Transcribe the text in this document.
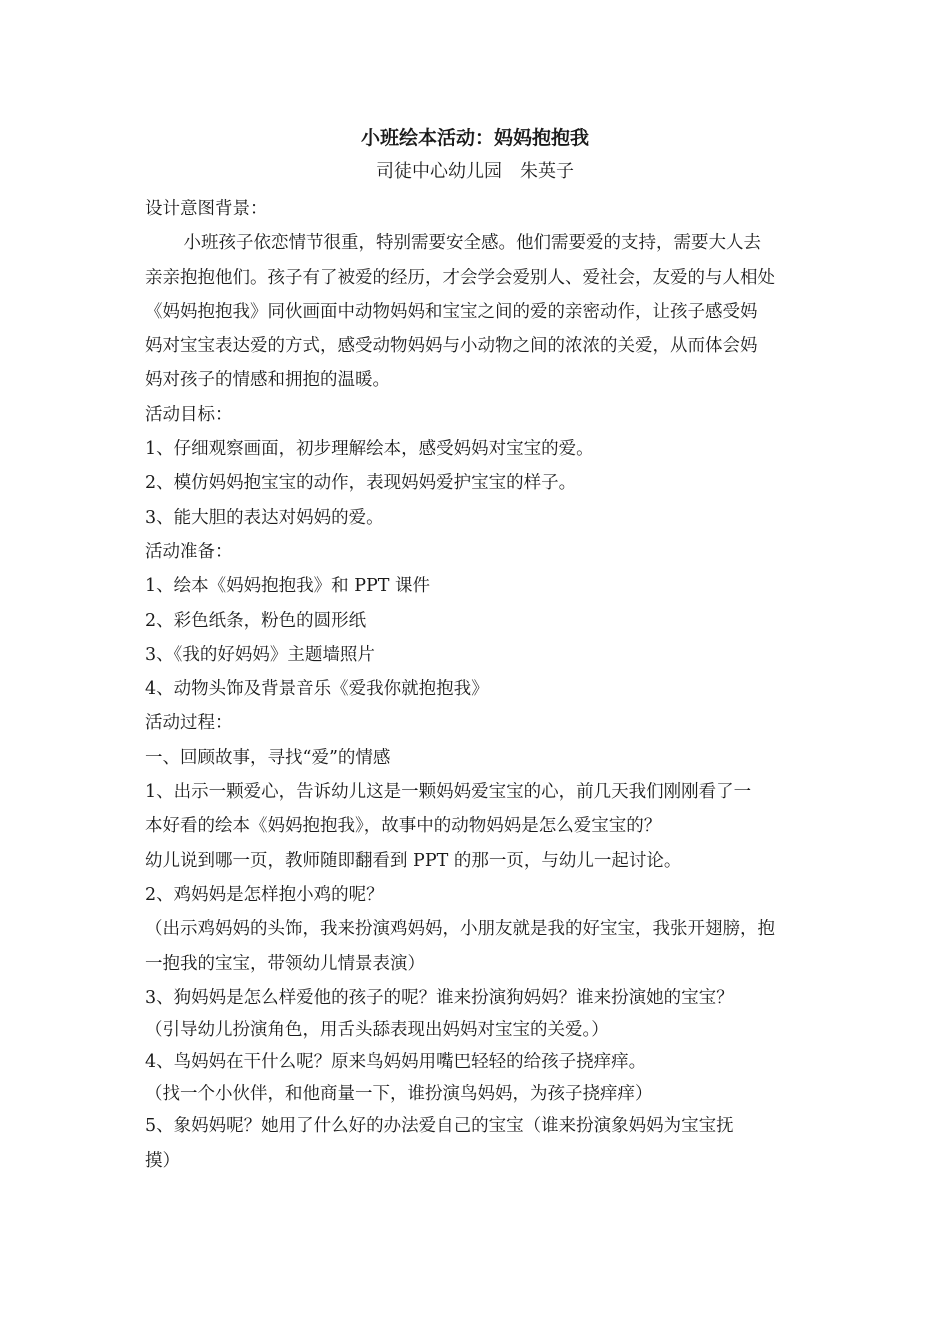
小班绘本活动：妈妈抱抱我
司徒中心幼儿园　朱英子

设计意图背景：

小班孩子依恋情节很重，特别需要安全感。他们需要爱的支持，需要大人去

亲亲抱抱他们。孩子有了被爱的经历，才会学会爱别人、爱社会，友爱的与人相处

《妈妈抱抱我》同伙画面中动物妈妈和宝宝之间的爱的亲密动作，让孩子感受妈

妈对宝宝表达爱的方式，感受动物妈妈与小动物之间的浓浓的关爱，从而体会妈

妈对孩子的情感和拥抱的温暖。

活动目标：

1、仔细观察画面，初步理解绘本，感受妈妈对宝宝的爱。

2、模仿妈妈抱宝宝的动作，表现妈妈爱护宝宝的样子。

3、能大胆的表达对妈妈的爱。

活动准备：

1、绘本《妈妈抱抱我》和 PPT 课件

2、彩色纸条，粉色的圆形纸

3、《我的好妈妈》主题墙照片

4、动物头饰及背景音乐《爱我你就抱抱我》

活动过程：

一、回顾故事，寻找“爱”的情感

1、出示一颗爱心，告诉幼儿这是一颗妈妈爱宝宝的心，前几天我们刚刚看了一

本好看的绘本《妈妈抱抱我》，故事中的动物妈妈是怎么爱宝宝的？

幼儿说到哪一页，教师随即翻看到 PPT 的那一页，与幼儿一起讨论。

2、鸡妈妈是怎样抱小鸡的呢？

（出示鸡妈妈的头饰，我来扮演鸡妈妈，小朋友就是我的好宝宝，我张开翅膀，抱

一抱我的宝宝，带领幼儿情景表演）

3、狗妈妈是怎么样爱他的孩子的呢？谁来扮演狗妈妈？谁来扮演她的宝宝？

（引导幼儿扮演角色，用舌头舔表现出妈妈对宝宝的关爱。）

4、鸟妈妈在干什么呢？原来鸟妈妈用嘴巴轻轻的给孩子挠痒痒。

（找一个小伙伴，和他商量一下，谁扮演鸟妈妈，为孩子挠痒痒）

5、象妈妈呢？她用了什么好的办法爱自己的宝宝（谁来扮演象妈妈为宝宝抚

摸）
